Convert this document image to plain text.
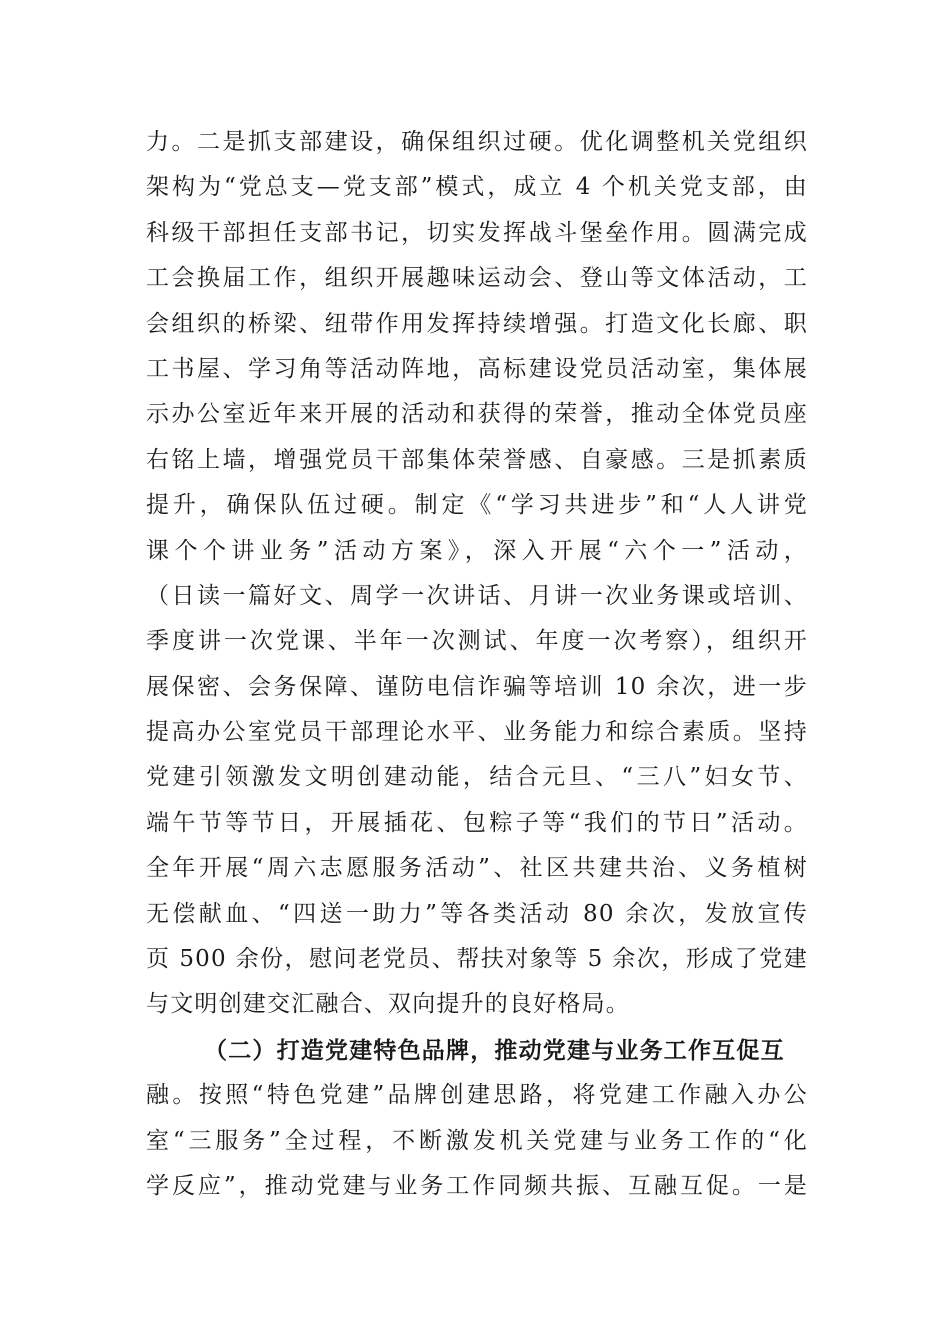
力。二是抓支部建设，确保组织过硬。优化调整机关党组织
架构为“党总支—党支部”模式，成立 4 个机关党支部，由
科级干部担任支部书记，切实发挥战斗堡垒作用。圆满完成
工会换届工作，组织开展趣味运动会、登山等文体活动，工
会组织的桥梁、纽带作用发挥持续增强。打造文化长廊、职
工书屋、学习角等活动阵地，高标建设党员活动室，集体展
示办公室近年来开展的活动和获得的荣誉，推动全体党员座
右铭上墙，增强党员干部集体荣誉感、自豪感。三是抓素质
提升，确保队伍过硬。制定《“学习共进步”和“人人讲党
课个个讲业务”活动方案》，深入开展“六个一”活动，
（日读一篇好文、周学一次讲话、月讲一次业务课或培训、
季度讲一次党课、半年一次测试、年度一次考察），组织开
展保密、会务保障、谨防电信诈骗等培训 10 余次，进一步
提高办公室党员干部理论水平、业务能力和综合素质。坚持
党建引领激发文明创建动能，结合元旦、“三八”妇女节、
端午节等节日，开展插花、包粽子等“我们的节日”活动。
全年开展“周六志愿服务活动”、社区共建共治、义务植树
无偿献血、“四送一助力”等各类活动 80 余次，发放宣传
页 500 余份，慰问老党员、帮扶对象等 5 余次，形成了党建
与文明创建交汇融合、双向提升的良好格局。
（二）打造党建特色品牌，推动党建与业务工作互促互
融。按照“特色党建”品牌创建思路，将党建工作融入办公
室“三服务”全过程，不断激发机关党建与业务工作的“化
学反应”，推动党建与业务工作同频共振、互融互促。一是
